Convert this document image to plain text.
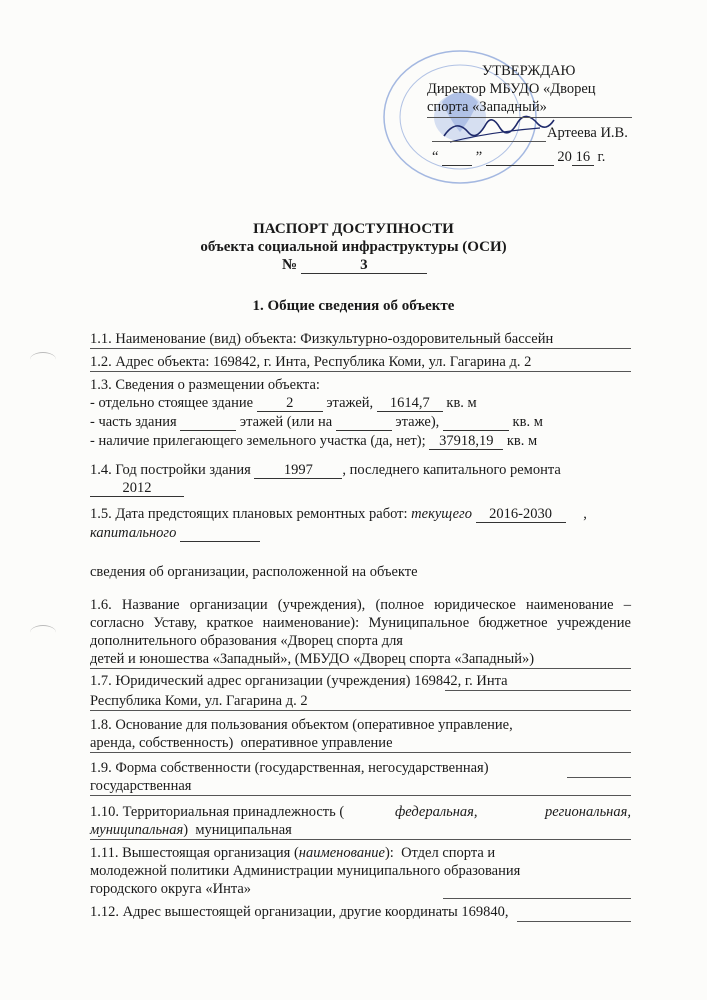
УТВЕРЖДАЮ
Директор МБУДО «Дворец
спорта «Западный»
Артеева И.В.
“	”	20 16 г.
ПАСПОРТ ДОСТУПНОСТИ
объекта социальной инфраструктуры (ОСИ)
№	3
1. Общие сведения об объекте
1.1. Наименование (вид) объекта: Физкультурно-оздоровительный бассейн
1.2. Адрес объекта: 169842, г. Инта, Республика Коми, ул. Гагарина д. 2
1.3. Сведения о размещении объекта:
- отдельно стоящее здание 2 этажей, 1614,7 кв. м
- часть здания	этажей (или на	этаже),	кв. м
- наличие прилегающего земельного участка (да, нет); 37918,19 кв. м
1.4. Год постройки здания 1997 , последнего капитального ремонта
2012
1.5. Дата предстоящих плановых ремонтных работ: текущего 2016-2030 ,
капитального
сведения об организации, расположенной на объекте
1.6. Название организации (учреждения), (полное юридическое наименование – согласно Уставу, краткое наименование): Муниципальное бюджетное учреждение дополнительного образования «Дворец спорта для
детей и юношества «Западный», (МБУДО «Дворец спорта «Западный»)
1.7. Юридический адрес организации (учреждения) 169842, г. Инта
Республика Коми, ул. Гагарина д. 2
1.8. Основание для пользования объектом (оперативное управление,
аренда, собственность) оперативное управление
1.9. Форма собственности (государственная, негосударственная)
государственная
1.10. Территориальная принадлежность (	федеральная,	региональная,
муниципальная) муниципальная
1.11. Вышестоящая организация (наименование): Отдел спорта и
молодежной политики Администрации муниципального образования
городского округа «Инта»
1.12. Адрес вышестоящей организации, другие координаты 169840,
